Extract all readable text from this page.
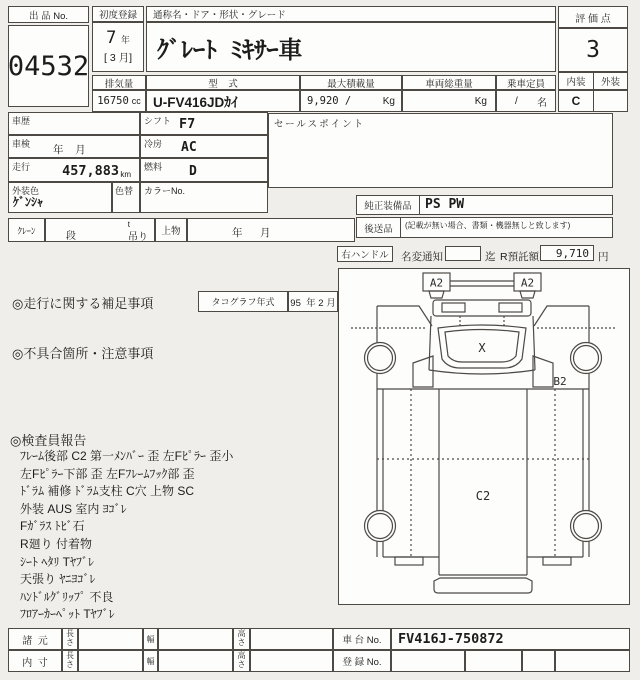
出 品 No.
04532
初度登録
7 年
[ 3 月]
通称名・ドア・形状・グレード
ｸﾞﾚｰﾄ  ﾐｷｻｰ車
評 価 点
3
内装	外装
C
排気量	型    式	最大積載量	車両総重量	乗車定員
16750 cc U-FV416JDｶｲ	9,920 /	Kg	Kg	/ 名
車歴	シフト F7
車検 年    月	冷房 AC
走行 457,883 km
燃料 D
外装色
ｹﾞﾝｼｬ
色替 カラーNo.
ｸﾚｰﾝ
段
t
吊り
上物	年      月
セールスポイント
純正装備品	PS PW
後送品	(記載が無い場合、書類・機器無しと致します)
右ハンドル	名変通知	迄 R預託額	9,710 円
◎走行に関する補足事項	タコグラフ年式	95  年 2 月
◎不具合箇所・注意事項
◎検査員報告
ﾌﾚｰﾑ後部 C2 第一ﾒﾝﾊﾞｰ 歪 左Fﾋﾟﾗｰ 歪小
左Fﾋﾟﾗｰ下部 歪 左Fﾌﾚｰﾑﾌｯｸ部 歪
ﾄﾞﾗﾑ 補修 ﾄﾞﾗﾑ支柱 C穴 上物 SC
外装 AUS 室内 ﾖｺﾞﾚ
Fｶﾞﾗｽ ﾄﾋﾞ石
R廻り 付着物
ｼｰﾄ ﾍﾀﾘ Tﾔﾌﾞﾚ
天張り ﾔﾆﾖｺﾞﾚ
ﾊﾝﾄﾞﾙｸﾞﾘｯﾌﾟ 不良
ﾌﾛｱｰｶｰﾍﾟｯﾄ Tﾔﾌﾞﾚ
A2	A2
X
B2
C2
諸  元
長さ	幅
高さ
内  寸
長さ	幅
高さ
車 台 No.	FV416J-750872
登 録 No.
